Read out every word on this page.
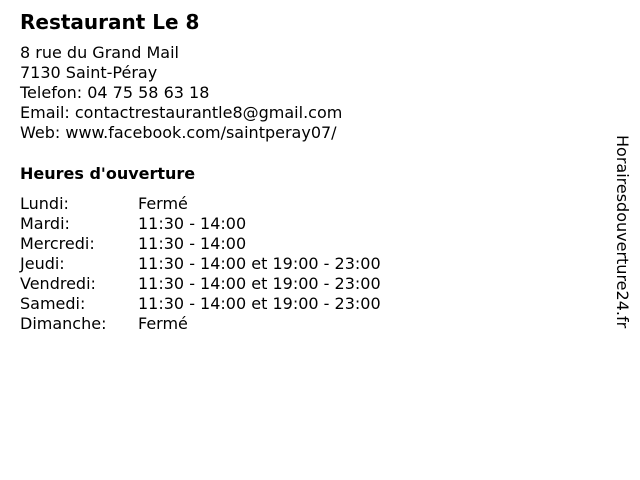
Restaurant Le 8
8 rue du Grand Mail
7130 Saint-Péray
Telefon: 04 75 58 63 18
Email: contactrestaurantle8@gmail.com
Web: www.facebook.com/saintperay07/
Heures d'ouverture
Lundi:	Fermé
Mardi:	11:30 - 14:00
Mercredi:	11:30 - 14:00
Jeudi:	11:30 - 14:00 et 19:00 - 23:00
Vendredi:	11:30 - 14:00 et 19:00 - 23:00
Samedi:	11:30 - 14:00 et 19:00 - 23:00
Dimanche:	Fermé	Horairesdouverture24.fr
